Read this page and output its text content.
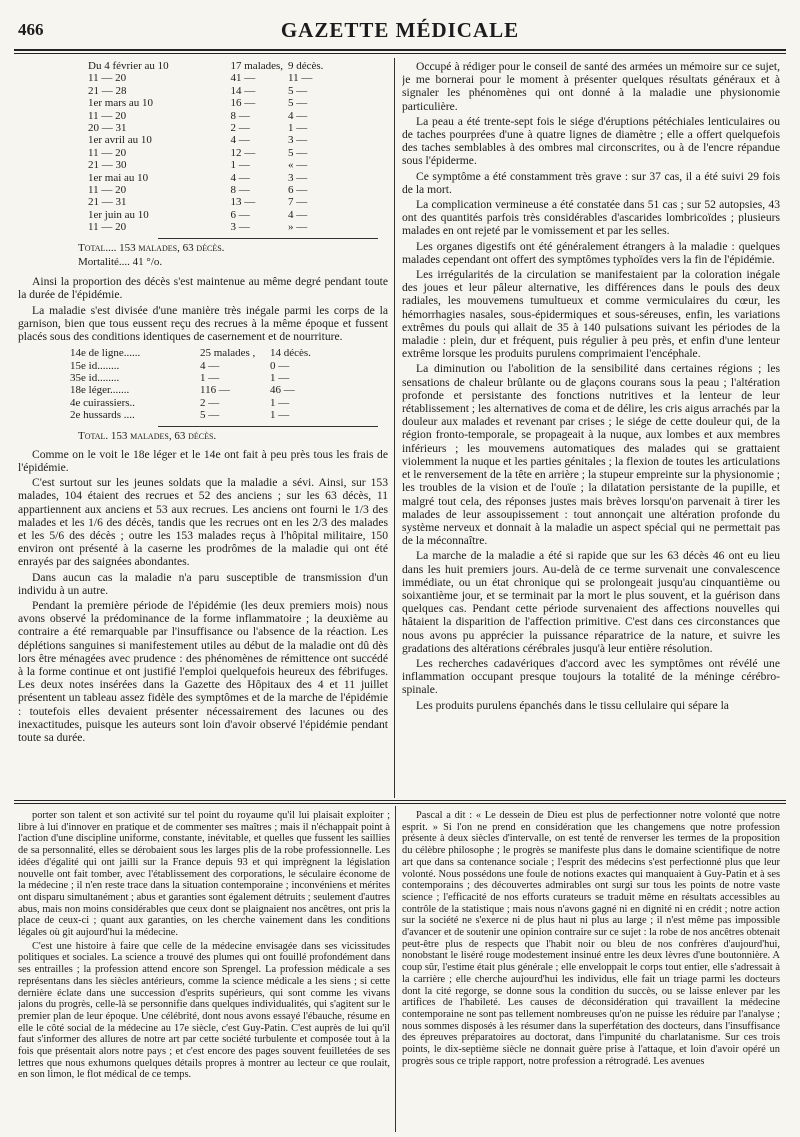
466	GAZETTE MÉDICALE
Du 4 février au 10	17 malades,	9 décès.
11 — 20	41 —	11 —
21 — 28	14 —	5 —
1er mars au 10	16 —	5 —
11 — 20	8 —	4 —
20 — 31	2 —	1 —
1er avril au 10	4 —	3 —
11 — 20	12 —	5 —
21 — 30	1 —	« —
1er mai au 10	4 —	3 —
11 — 20	8 —	6 —
21 — 31	13 —	7 —
1er juin au 10	6 —	4 —
11 — 20	3 —	» —

Total.... 153 malades, 63 décès.

Mortalité.... 41 °/o.

Ainsi la proportion des décès s'est maintenue au même degré pendant toute la durée de l'épidémie.

La maladie s'est divisée d'une manière très inégale parmi les corps de la garnison, bien que tous eussent reçu des recrues à la même époque et fussent placés sous des conditions identiques de casernement et de nourriture.

14e de ligne......	25 malades ,	14 décès.
15e id........	4 —	0 —
35e id........	1 —	1 —
18e léger.......	116 —	46 —
4e cuirassiers..	2 —	1 —
2e hussards ....	5 —	1 —

Total. 153 malades, 63 décès.

Comme on le voit le 18e léger et le 14e ont fait à peu près tous les frais de l'épidémie.

C'est surtout sur les jeunes soldats que la maladie a sévi. Ainsi, sur 153 malades, 104 étaient des recrues et 52 des anciens ; sur les 63 décès, 11 appartiennent aux anciens et 53 aux recrues. Les anciens ont fourni le 1/3 des malades et les 1/6 des décès, tandis que les recrues ont en les 2/3 des malades et les 5/6 des décès ; outre les 153 malades reçus à l'hôpital militaire, 150 environ ont présenté à la caserne les prodrômes de la maladie qui ont été enrayés par des saignées abondantes.

Dans aucun cas la maladie n'a paru susceptible de transmission d'un individu à un autre.

Pendant la première période de l'épidémie (les deux premiers mois) nous avons observé la prédominance de la forme inflammatoire ; la deuxième au contraire a été remarquable par l'insuffisance ou l'absence de la réaction. Les déplétions sanguines si manifestement utiles au début de la maladie ont dû dès lors être ménagées avec prudence : des phénomènes de rémittence ont succédé à la forme continue et ont justifié l'emploi quelquefois heureux des fébrifuges. Les deux notes insérées dans la Gazette des Hôpitaux des 4 et 11 juillet présentent un tableau assez fidèle des symptômes et de la marche de l'épidémie : toutefois elles devaient présenter nécessairement des lacunes ou des inexactitudes, puisque les auteurs sont loin d'avoir observé l'épidémie pendant toute sa durée.

Occupé à rédiger pour le conseil de santé des armées un mémoire sur ce sujet, je me bornerai pour le moment à présenter quelques résultats généraux et à signaler les phénomènes qui ont donné à la maladie une physionomie particulière.

La peau a été trente-sept fois le siége d'éruptions pétéchiales lenticulaires ou de taches pourprées d'une à quatre lignes de diamètre ; elle a offert quelquefois des taches semblables à des ombres mal circonscrites, ou à de l'encre répandue sous l'épiderme.

Ce symptôme a été constamment très grave : sur 37 cas, il a été suivi 29 fois de la mort.

La complication vermineuse a été constatée dans 51 cas ; sur 52 autopsies, 43 ont des quantités parfois très considérables d'ascarides lombricoïdes ; plusieurs malades en ont rejeté par le vomissement et par les selles.

Les organes digestifs ont été généralement étrangers à la maladie : quelques malades cependant ont offert des symptômes typhoïdes vers la fin de l'épidémie.

Les irrégularités de la circulation se manifestaient par la coloration inégale des joues et leur pâleur alternative, les différences dans le pouls des deux radiales, les mouvemens tumultueux et comme vermiculaires du cœur, les hémorrhagies nasales, sous-épidermiques et sous-séreuses, enfin, les variations extrêmes du pouls qui allait de 35 à 140 pulsations suivant les périodes de la maladie : plein, dur et fréquent, puis régulier à peu près, et enfin d'une lenteur extrême lorsque les produits purulens comprimaient l'encéphale.

La diminution ou l'abolition de la sensibilité dans certaines régions ; les sensations de chaleur brûlante ou de glaçons courans sous la peau ; l'altération profonde et persistante des fonctions nutritives et la lenteur de leur rétablissement ; les alternatives de coma et de délire, les cris aigus arrachés par la douleur aux malades et revenant par crises ; le siége de cette douleur qui, de la région fronto-temporale, se propageait à la nuque, aux lombes et aux membres inférieurs ; les mouvemens automatiques des malades qui se grattaient violemment la nuque et les parties génitales ; la flexion de toutes les articulations et le renversement de la tête en arrière ; la stupeur empreinte sur la physionomie ; les troubles de la vision et de l'ouïe ; la dilatation persistante de la pupille, et malgré tout cela, des réponses justes mais brèves lorsqu'on parvenait à tirer les malades de leur assoupissement : tout annonçait une altération profonde du système nerveux et donnait à la maladie un aspect spécial qui ne permettait pas de la méconnaître.

La marche de la maladie a été si rapide que sur les 63 décès 46 ont eu lieu dans les huit premiers jours. Au-delà de ce terme survenait une convalescence immédiate, ou un état chronique qui se prolongeait jusqu'au cinquantième ou soixantième jour, et se terminait par la mort le plus souvent, et la guérison dans quelques cas. Pendant cette période survenaient des affections nouvelles qui hâtaient la disparition de l'affection primitive. C'est dans ces circonstances que nous avons pu apprécier la puissance réparatrice de la nature, et suivre les gradations des altérations cérébrales jusqu'à leur entière résolution.

Les recherches cadavériques d'accord avec les symptômes ont révélé une inflammation occupant presque toujours la totalité de la méninge cérébro-spinale.

Les produits purulens épanchés dans le tissu cellulaire qui sépare la

porter son talent et son activité sur tel point du royaume qu'il lui plaisait exploiter ; libre à lui d'innover en pratique et de commenter ses maîtres ; mais il n'échappait point à l'action d'une discipline uniforme, constante, inévitable, et quelles que fussent les saillies de sa personnalité, elles se dérobaient sous les larges plis de la robe professionnelle. Les idées d'égalité qui ont jailli sur la France depuis 93 et qui imprègnent la législation nouvelle ont fait tomber, avec l'établissement des corporations, le séculaire économe de la médecine ; il n'en reste trace dans la situation contemporaine ; inconvéniens et mérites ont disparu simultanément ; abus et garanties sont également détruits ; seulement d'autres abus, mais non moins considérables que ceux dont se plaignaient nos ancêtres, ont pris la place de ceux-ci ; quant aux garanties, on les cherche vainement dans les conditions légales où git aujourd'hui la médecine.

C'est une histoire à faire que celle de la médecine envisagée dans ses vicissitudes politiques et sociales. La science a trouvé des plumes qui ont fouillé profondément dans ses entrailles ; la profession attend encore son Sprengel. La profession médicale a ses représentans dans les siècles antérieurs, comme la science médicale a les siens ; si cette dernière éclate dans une succession d'esprits supérieurs, qui sont comme les vivans jalons du progrès, celle-là se personnifie dans quelques individualités, qui s'agitent sur le premier plan de leur époque. Une célébrité, dont nous avons essayé l'ébauche, résume en elle le côté social de la médecine au 17e siècle, c'est Guy-Patin. C'est auprès de lui qu'il faut s'informer des allures de notre art par cette société turbulente et composée tout à la fois que présentait alors notre pays ; et c'est encore des pages souvent feuilletées de ses lettres que nous exhumons quelques détails propres à montrer au lecteur ce que roulait, en son limon, le flot médical de ce temps.

Pascal a dit : « Le dessein de Dieu est plus de perfectionner notre volonté que notre esprit. » Si l'on ne prend en considération que les changemens que notre profession présente à deux siècles d'intervalle, on est tenté de renverser les termes de la proposition du célèbre philosophe ; le progrès se manifeste plus dans le domaine scientifique de notre art que dans sa contenance sociale ; l'esprit des médecins s'est perfectionné plus que leur volonté. Nous possédons une foule de notions exactes qui manquaient à Guy-Patin et à ses contemporains ; des découvertes admirables ont surgi sur tous les points de notre vaste science ; l'efficacité de nos efforts curateurs se traduit même en résultats accessibles au contrôle de la statistique ; mais nous n'avons gagné ni en dignité ni en crédit ; notre action sur la société ne s'exerce ni de plus haut ni plus au large ; il n'est même pas impossible d'avancer et de soutenir une opinion contraire sur ce sujet : la robe de nos ancêtres obtenait peut-être plus de respects que l'habit noir ou bleu de nos confrères d'aujourd'hui, nonobstant le liséré rouge modestement insinué entre les deux lèvres d'une boutonnière. A coup sûr, l'estime était plus générale ; elle enveloppait le corps tout entier, elle s'adressait à la carrière ; elle cherche aujourd'hui les individus, elle fait un triage parmi les docteurs dont la cité regorge, se donne sous la condition du succès, ou se laisse enlever par les artifices de l'habileté. Les causes de déconsidération qui travaillent la médecine contemporaine ne sont pas tellement nombreuses qu'on ne puisse les réduire par l'analyse ; nous sommes disposés à les résumer dans la superfétation des docteurs, dans l'insuffisance des épreuves préparatoires au doctorat, dans l'impunité du charlatanisme. Sur ces trois points, le dix-septième siècle ne donnait guère prise à l'attaque, et loin d'avoir opéré un progrès sous ce triple rapport, notre profession a rétrogradé. Les avenues
